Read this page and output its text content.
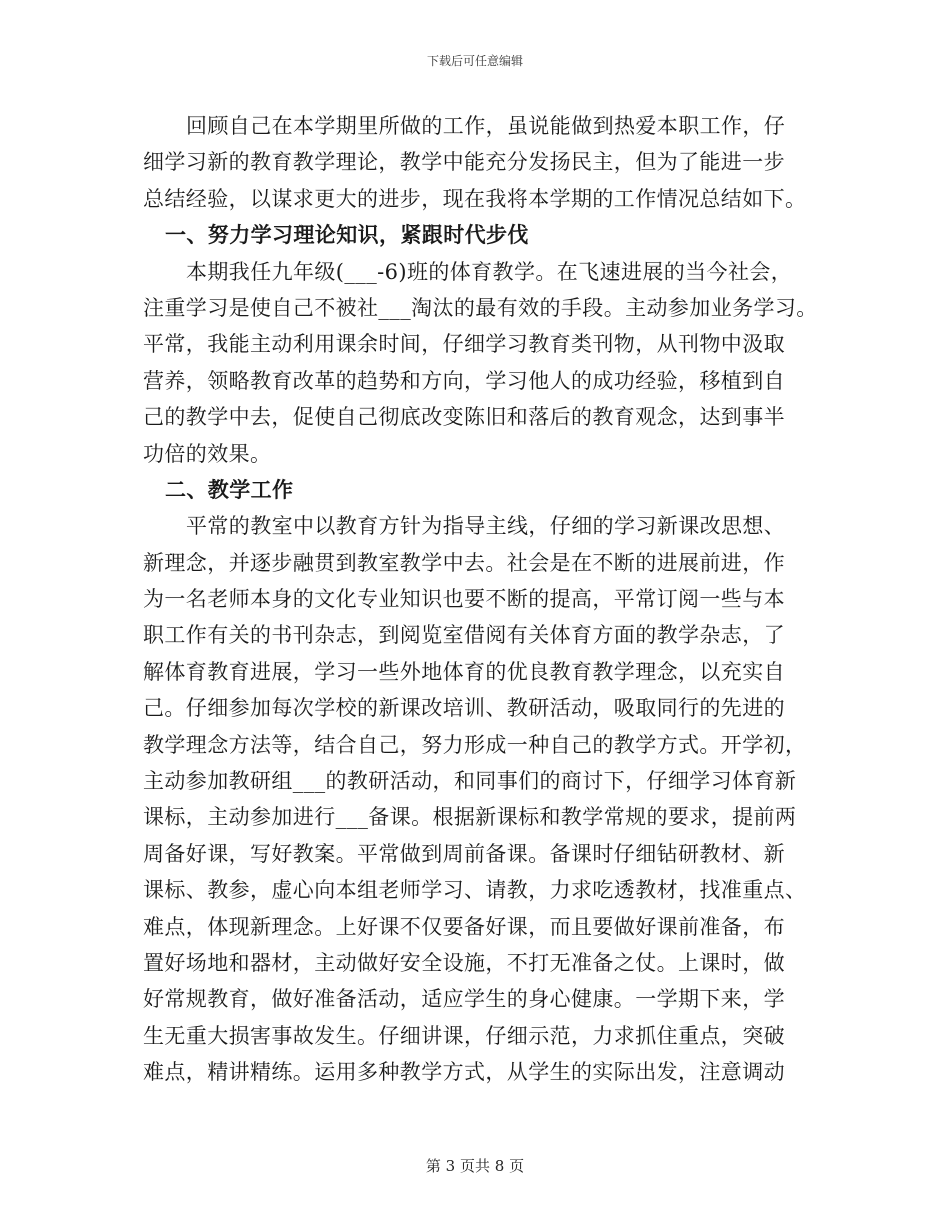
下载后可任意编辑
回顾自己在本学期里所做的工作，虽说能做到热爱本职工作，仔
细学习新的教育教学理论，教学中能充分发扬民主，但为了能进一步
总结经验，以谋求更大的进步，现在我将本学期的工作情况总结如下。
一、努力学习理论知识，紧跟时代步伐
本期我任九年级(___-6)班的体育教学。在飞速进展的当今社会，
注重学习是使自己不被社___淘汰的最有效的手段。主动参加业务学习。
平常，我能主动利用课余时间，仔细学习教育类刊物，从刊物中汲取
营养，领略教育改革的趋势和方向，学习他人的成功经验，移植到自
己的教学中去，促使自己彻底改变陈旧和落后的教育观念，达到事半
功倍的效果。
二、教学工作
平常的教室中以教育方针为指导主线，仔细的学习新课改思想、
新理念，并逐步融贯到教室教学中去。社会是在不断的进展前进，作
为一名老师本身的文化专业知识也要不断的提高，平常订阅一些与本
职工作有关的书刊杂志，到阅览室借阅有关体育方面的教学杂志，了
解体育教育进展，学习一些外地体育的优良教育教学理念，以充实自
己。仔细参加每次学校的新课改培训、教研活动，吸取同行的先进的
教学理念方法等，结合自己，努力形成一种自己的教学方式。开学初，
主动参加教研组___的教研活动，和同事们的商讨下，仔细学习体育新
课标，主动参加进行___备课。根据新课标和教学常规的要求，提前两
周备好课，写好教案。平常做到周前备课。备课时仔细钻研教材、新
课标、教参，虚心向本组老师学习、请教，力求吃透教材，找准重点、
难点，体现新理念。上好课不仅要备好课，而且要做好课前准备，布
置好场地和器材，主动做好安全设施，不打无准备之仗。上课时，做
好常规教育，做好准备活动，适应学生的身心健康。一学期下来，学
生无重大损害事故发生。仔细讲课，仔细示范，力求抓住重点，突破
难点，精讲精练。运用多种教学方式，从学生的实际出发，注意调动
第 3 页共 8 页
